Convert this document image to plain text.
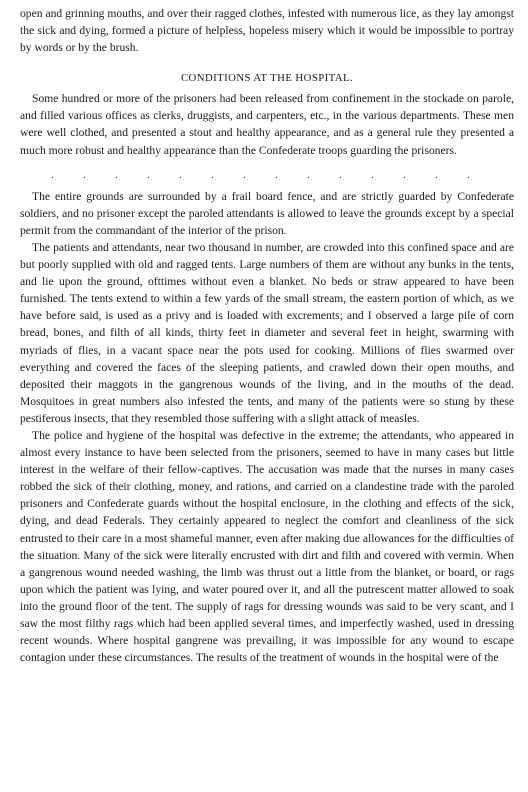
open and grinning mouths, and over their ragged clothes, infested with numerous lice, as they lay amongst the sick and dying, formed a picture of helpless, hopeless misery which it would be impossible to portray by words or by the brush.

CONDITIONS AT THE HOSPITAL.

Some hundred or more of the prisoners had been released from confinement in the stockade on parole, and filled various offices as clerks, druggists, and carpenters, etc., in the various departments. These men were well clothed, and presented a stout and healthy appearance, and as a general rule they presented a much more robust and healthy appearance than the Confederate troops guarding the prisoners.

. . . . . . . . . . . . . .

The entire grounds are surrounded by a frail board fence, and are strictly guarded by Confederate soldiers, and no prisoner except the paroled attendants is allowed to leave the grounds except by a special permit from the commandant of the interior of the prison.

The patients and attendants, near two thousand in number, are crowded into this confined space and are but poorly supplied with old and ragged tents. Large numbers of them are without any bunks in the tents, and lie upon the ground, ofttimes without even a blanket. No beds or straw appeared to have been furnished. The tents extend to within a few yards of the small stream, the eastern portion of which, as we have before said, is used as a privy and is loaded with excrements; and I observed a large pile of corn bread, bones, and filth of all kinds, thirty feet in diameter and several feet in height, swarming with myriads of flies, in a vacant space near the pots used for cooking. Millions of flies swarmed over everything and covered the faces of the sleeping patients, and crawled down their open mouths, and deposited their maggots in the gangrenous wounds of the living, and in the mouths of the dead. Mosquitoes in great numbers also infested the tents, and many of the patients were so stung by these pestiferous insects, that they resembled those suffering with a slight attack of measles.

The police and hygiene of the hospital was defective in the extreme; the attendants, who appeared in almost every instance to have been selected from the prisoners, seemed to have in many cases but little interest in the welfare of their fellow-captives. The accusation was made that the nurses in many cases robbed the sick of their clothing, money, and rations, and carried on a clandestine trade with the paroled prisoners and Confederate guards without the hospital enclosure, in the clothing and effects of the sick, dying, and dead Federals. They certainly appeared to neglect the comfort and cleanliness of the sick entrusted to their care in a most shameful manner, even after making due allowances for the difficulties of the situation. Many of the sick were literally encrusted with dirt and filth and covered with vermin. When a gangrenous wound needed washing, the limb was thrust out a little from the blanket, or board, or rags upon which the patient was lying, and water poured over it, and all the putrescent matter allowed to soak into the ground floor of the tent. The supply of rags for dressing wounds was said to be very scant, and I saw the most filthy rags which had been applied several times, and imperfectly washed, used in dressing recent wounds. Where hospital gangrene was prevailing, it was impossible for any wound to escape contagion under these circumstances. The results of the treatment of wounds in the hospital were of the
